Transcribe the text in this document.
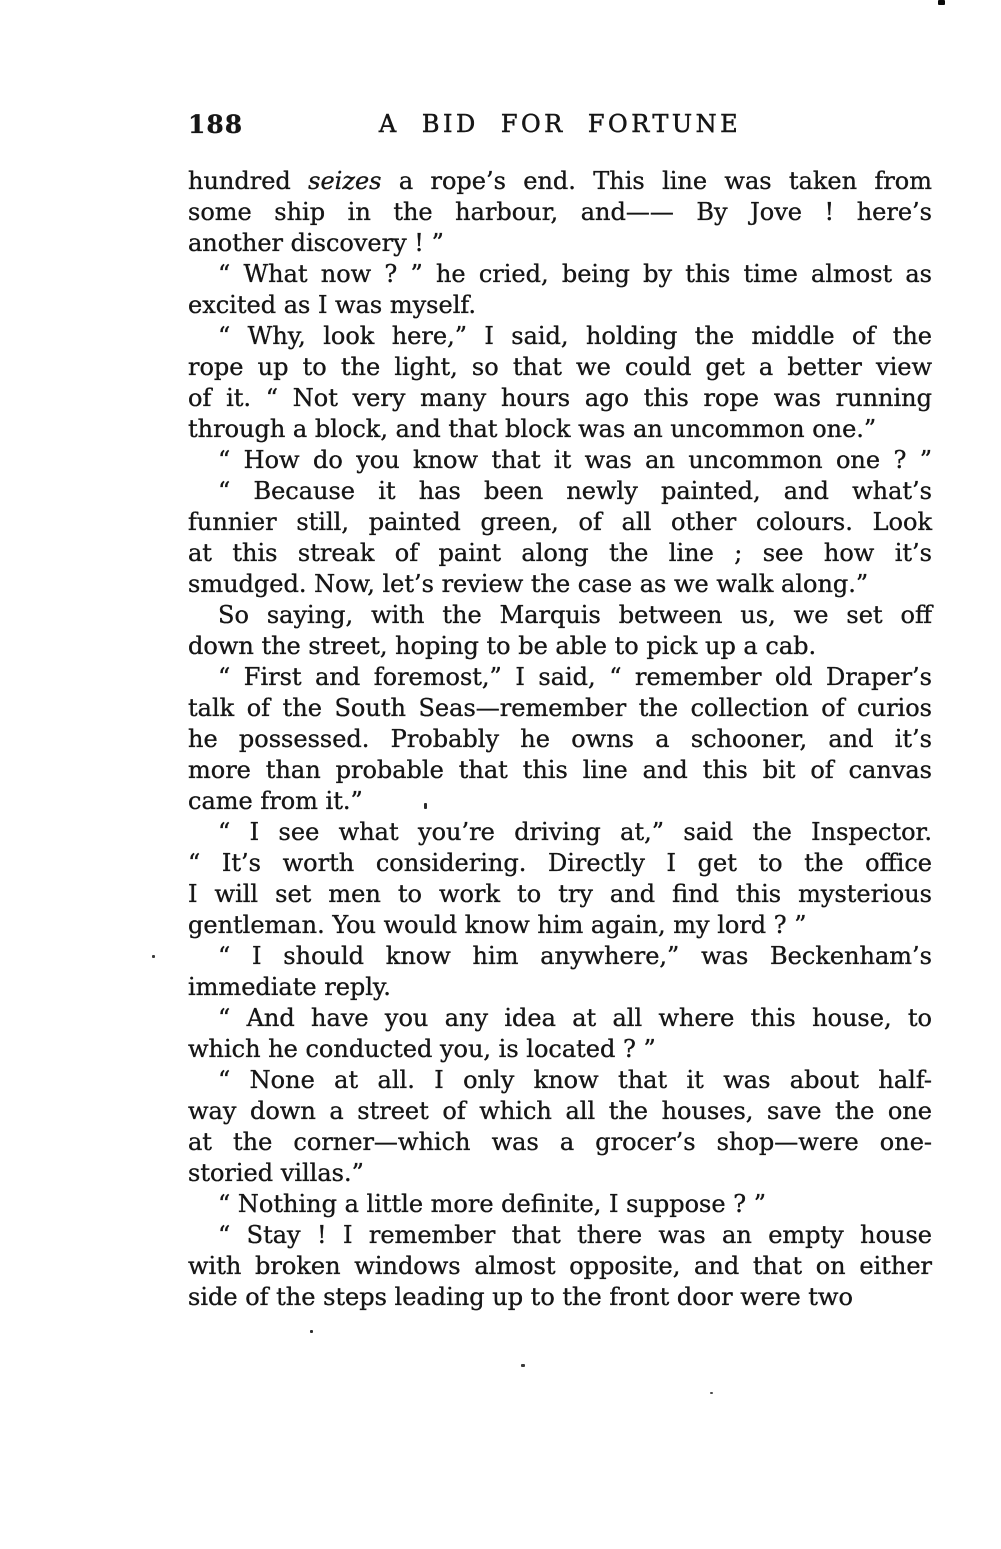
188	A BID FOR FORTUNE
hundred seizes a rope’s end. This line was taken from
some ship in the harbour, and—— By Jove ! here’s
another discovery ! ”
“ What now ? ” he cried, being by this time almost as
excited as I was myself.
“ Why, look here,” I said, holding the middle of the
rope up to the light, so that we could get a better view
of it. “ Not very many hours ago this rope was running
through a block, and that block was an uncommon one.”
“ How do you know that it was an uncommon one ? ”
“ Because it has been newly painted, and what’s
funnier still, painted green, of all other colours. Look
at this streak of paint along the line ; see how it’s
smudged. Now, let’s review the case as we walk along.”
So saying, with the Marquis between us, we set off
down the street, hoping to be able to pick up a cab.
“ First and foremost,” I said, “ remember old Draper’s
talk of the South Seas—remember the collection of curios
he possessed. Probably he owns a schooner, and it’s
more than probable that this line and this bit of canvas
came from it.”
“ I see what you’re driving at,” said the Inspector.
“ It’s worth considering. Directly I get to the office
I will set men to work to try and find this mysterious
gentleman. You would know him again, my lord ? ”
“ I should know him anywhere,” was Beckenham’s
immediate reply.
“ And have you any idea at all where this house, to
which he conducted you, is located ? ”
“ None at all. I only know that it was about half-
way down a street of which all the houses, save the one
at the corner—which was a grocer’s shop—were one-
storied villas.”
“ Nothing a little more definite, I suppose ? ”
“ Stay ! I remember that there was an empty house
with broken windows almost opposite, and that on either
side of the steps leading up to the front door were two
